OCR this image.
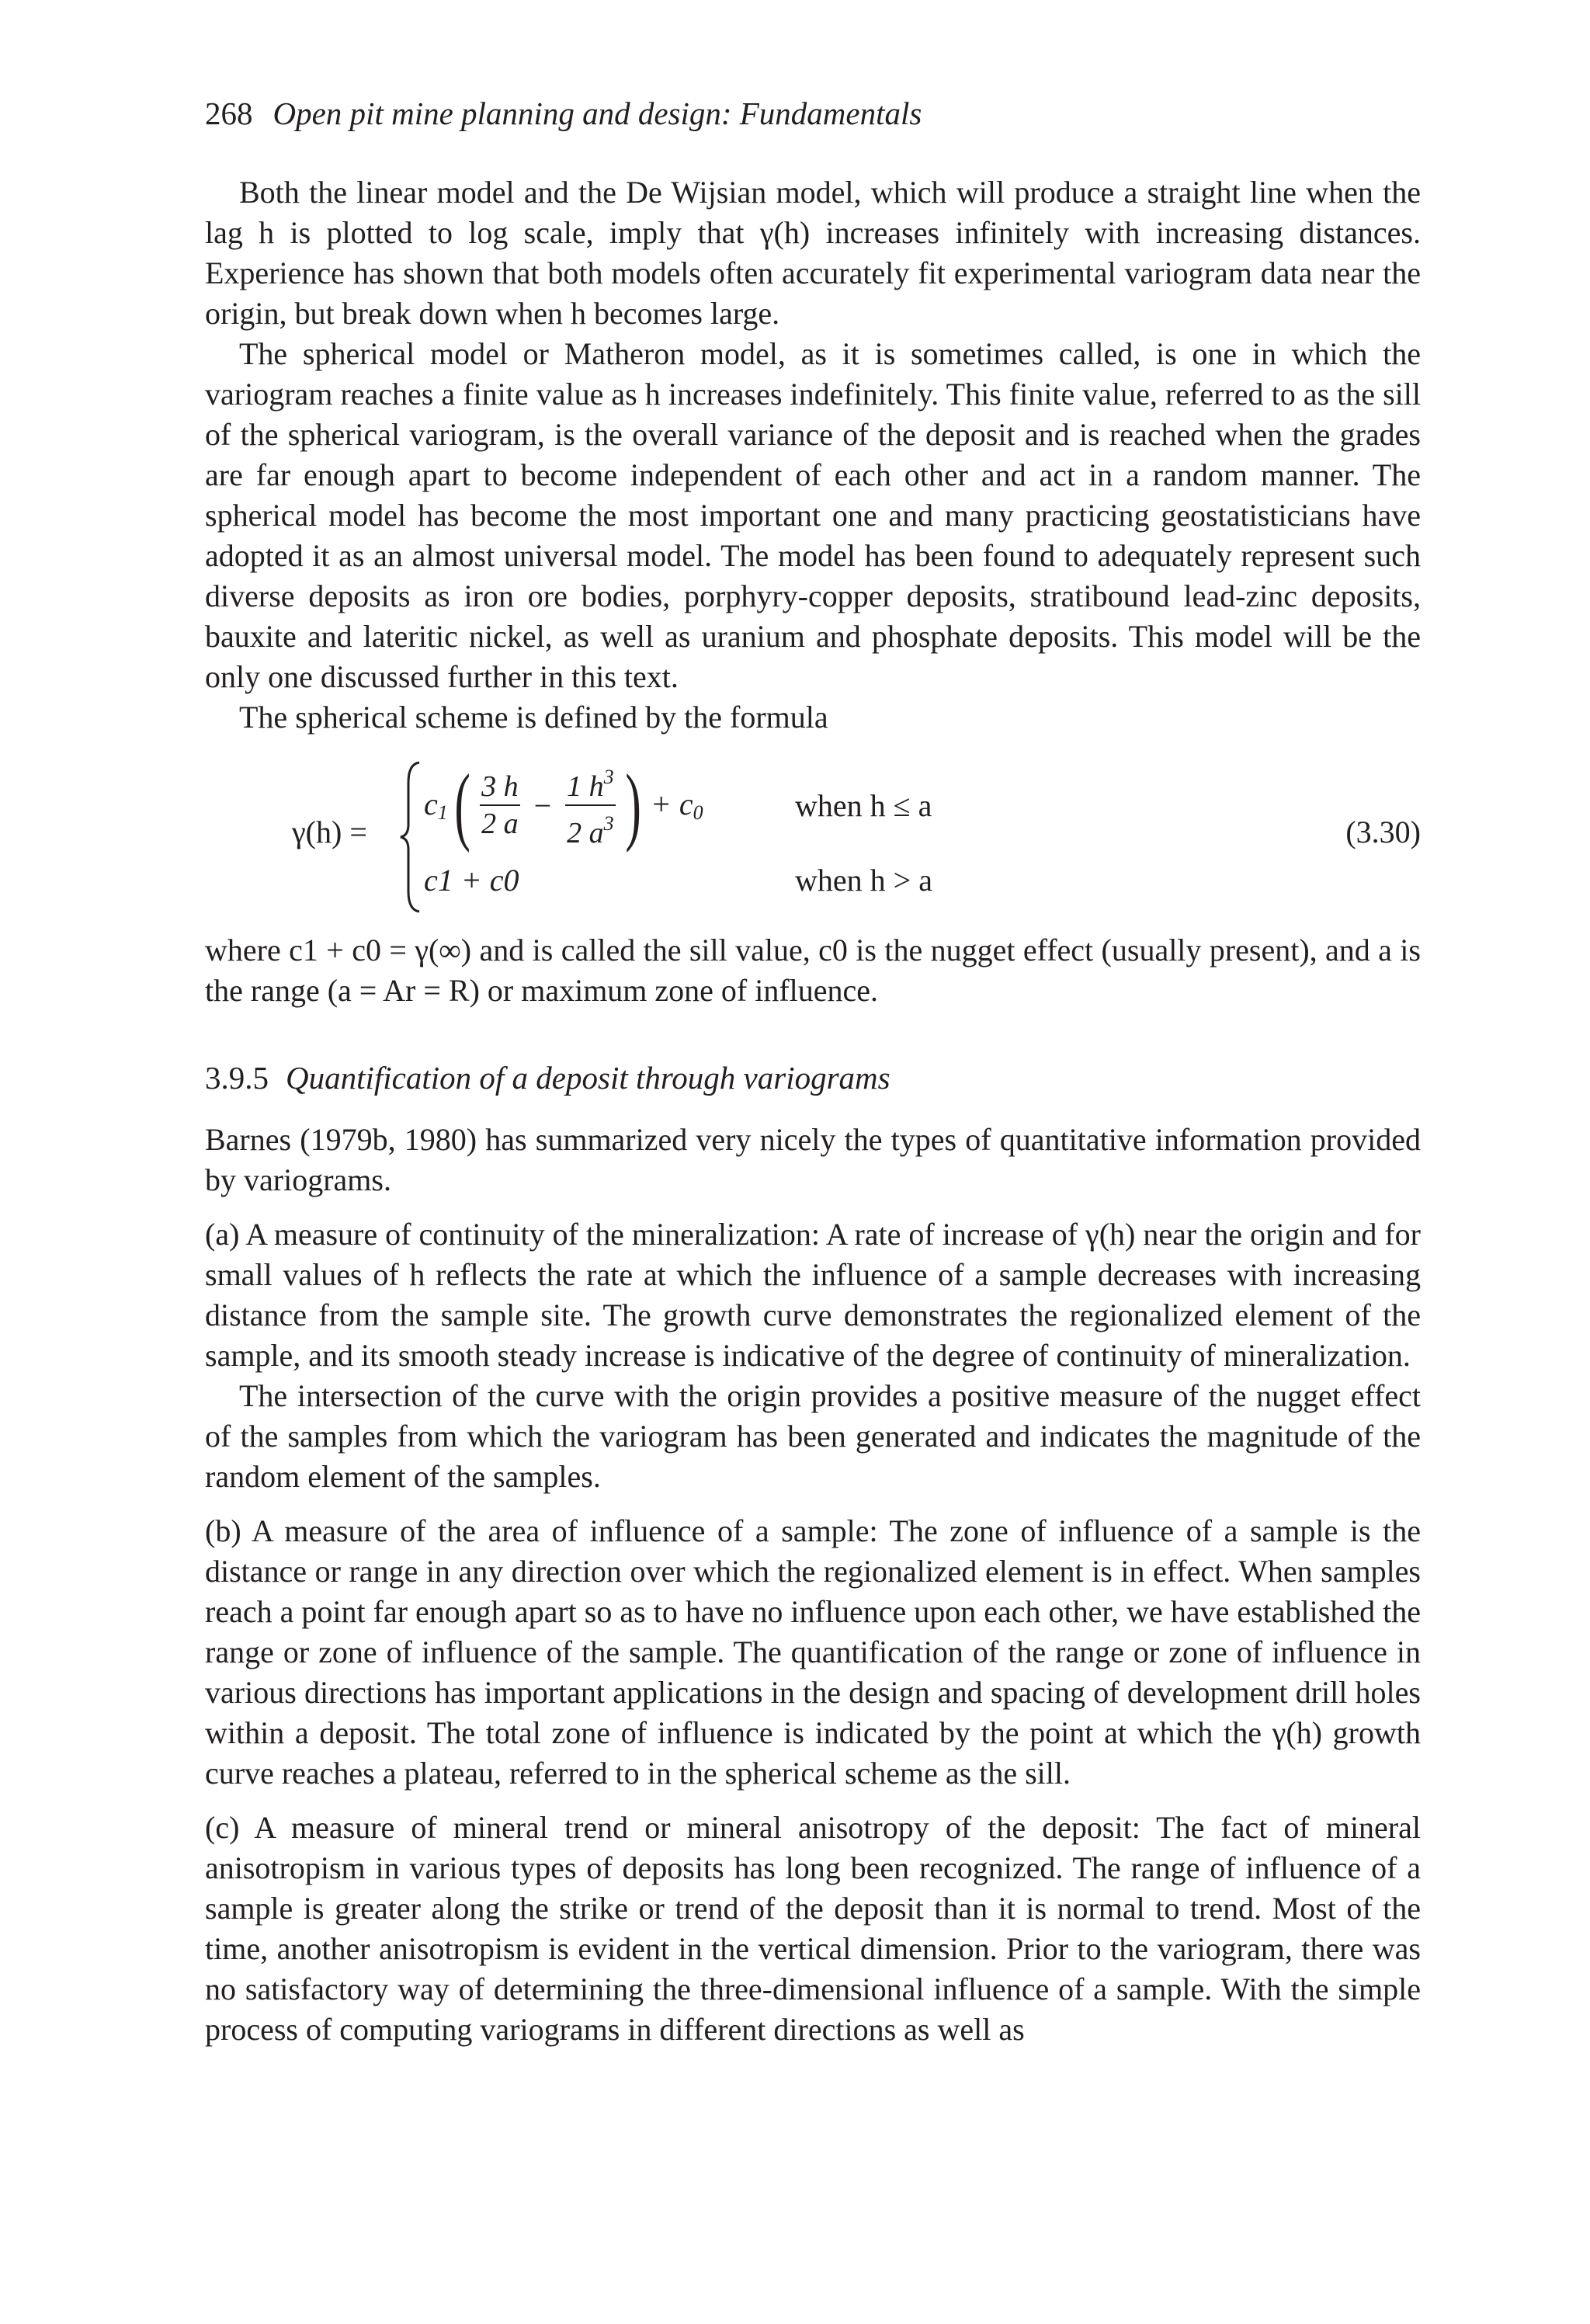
268 Open pit mine planning and design: Fundamentals

Both the linear model and the De Wijsian model, which will produce a straight line when the lag h is plotted to log scale, imply that γ(h) increases infinitely with increasing distances. Experience has shown that both models often accurately fit experimental variogram data near the origin, but break down when h becomes large.

The spherical model or Matheron model, as it is sometimes called, is one in which the variogram reaches a finite value as h increases indefinitely. This finite value, referred to as the sill of the spherical variogram, is the overall variance of the deposit and is reached when the grades are far enough apart to become independent of each other and act in a random manner. The spherical model has become the most important one and many practicing geostatisticians have adopted it as an almost universal model. The model has been found to adequately represent such diverse deposits as iron ore bodies, porphyry-copper deposits, stratibound lead-zinc deposits, bauxite and lateritic nickel, as well as uranium and phosphate deposits. This model will be the only one discussed further in this text.

The spherical scheme is defined by the formula

γ(h) =
$c_1$ ( $\frac{3 h}{2 a} - \frac{1 h^3}{2 a^3}$ ) + $c_0$
c1 + c0
when h ≤ a
when h > a
(3.30)

where c1 + c0 = γ(∞) and is called the sill value, c0 is the nugget effect (usually present), and a is the range (a = Ar = R) or maximum zone of influence.

3.9.5 Quantification of a deposit through variograms

Barnes (1979b, 1980) has summarized very nicely the types of quantitative information provided by variograms.

(a) A measure of continuity of the mineralization: A rate of increase of γ(h) near the origin and for small values of h reflects the rate at which the influence of a sample decreases with increasing distance from the sample site. The growth curve demonstrates the regionalized element of the sample, and its smooth steady increase is indicative of the degree of continuity of mineralization.

The intersection of the curve with the origin provides a positive measure of the nugget effect of the samples from which the variogram has been generated and indicates the magnitude of the random element of the samples.

(b) A measure of the area of influence of a sample: The zone of influence of a sample is the distance or range in any direction over which the regionalized element is in effect. When samples reach a point far enough apart so as to have no influence upon each other, we have established the range or zone of influence of the sample. The quantification of the range or zone of influence in various directions has important applications in the design and spacing of development drill holes within a deposit. The total zone of influence is indicated by the point at which the γ(h) growth curve reaches a plateau, referred to in the spherical scheme as the sill.

(c) A measure of mineral trend or mineral anisotropy of the deposit: The fact of mineral anisotropism in various types of deposits has long been recognized. The range of influence of a sample is greater along the strike or trend of the deposit than it is normal to trend. Most of the time, another anisotropism is evident in the vertical dimension. Prior to the variogram, there was no satisfactory way of determining the three-dimensional influence of a sample. With the simple process of computing variograms in different directions as well as
